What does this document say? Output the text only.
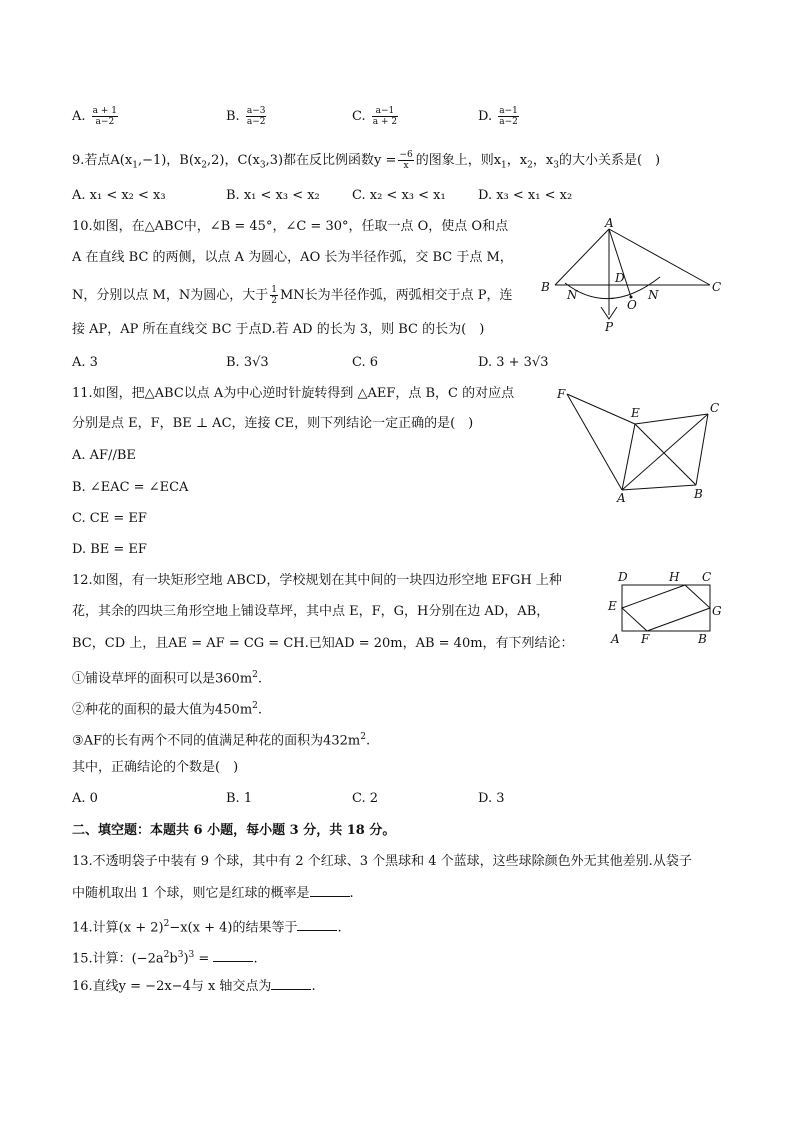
A. $\frac{a + 1}{a-2}$	B. $\frac{a-3}{a-2}$	C. $\frac{a-1}{a + 2}$	D. $\frac{a-1}{a-2}$
9.若点$A(x_1,-1)$，$B(x_2,2)$，$C(x_3,3)$都在反比例函数$y = \frac{-6}{x}$ 的图象上，则$x_1$，$x_2$，$x_3$的大小关系是(　)
A. x₁ < x₂ < x₃	B. x₁ < x₃ < x₂ C. x₂ < x₃ < x₁ D. x₃ < x₁ < x₂
10.如图，在△ABC中，∠B = 45°，∠C = 30°，任取一点 O，使点 O和点
A 在直线 BC 的两侧，以点 A 为圆心，AO 长为半径作弧，交 BC 于点 M，
N，分别以点 M，N为圆心，大于 $\frac{1}{2}$ MN长为半径作弧，两弧相交于点 P，连
接 AP，AP 所在直线交 BC 于点D.若 AD 的长为 3，则 BC 的长为(　)
A. 3	B. 3√3	C. 6	D. 3 + 3√3
A
B	C
D
N	N
O
P
11.如图，把△ABC以点 A为中心逆时针旋转得到 △AEF，点 B，C 的对应点
分别是点 E，F，BE ⊥ AC，连接 CE，则下列结论一定正确的是(　)
A. AF//BE
B. ∠EAC = ∠ECA
C. CE = EF
D. BE = EF
F
E	C
A	B
12.如图，有一块矩形空地 ABCD，学校规划在其中间的一块四边形空地 EFGH 上种
花，其余的四块三角形空地上铺设草坪，其中点 E，F，G，H分别在边 AD，AB，
BC，CD 上，且AE = AF = CG = CH.已知AD = 20m，AB = 40m，有下列结论：
①铺设草坪的面积可以是$360m^2$.
②种花的面积的最大值为$450m^2$.
③AF的长有两个不同的值满足种花的面积为$432m^2$.
其中，正确结论的个数是(　)
A. 0	B. 1	C. 2	D. 3
D	H C
E	G
A F	B
二、填空题：本题共 6 小题，每小题 3 分，共 18 分。
13.不透明袋子中装有 9 个球，其中有 2 个红球、3 个黑球和 4 个蓝球，这些球除颜色外无其他差别.从袋子
中随机取出 1 个球，则它是红球的概率是	.
14.计算$(x + 2)^2-x(x + 4)$的结果等于	.
15.计算：$(-2a^2b^3)^3$ =	.
16.直线y = −2x−4与 x 轴交点为	.
